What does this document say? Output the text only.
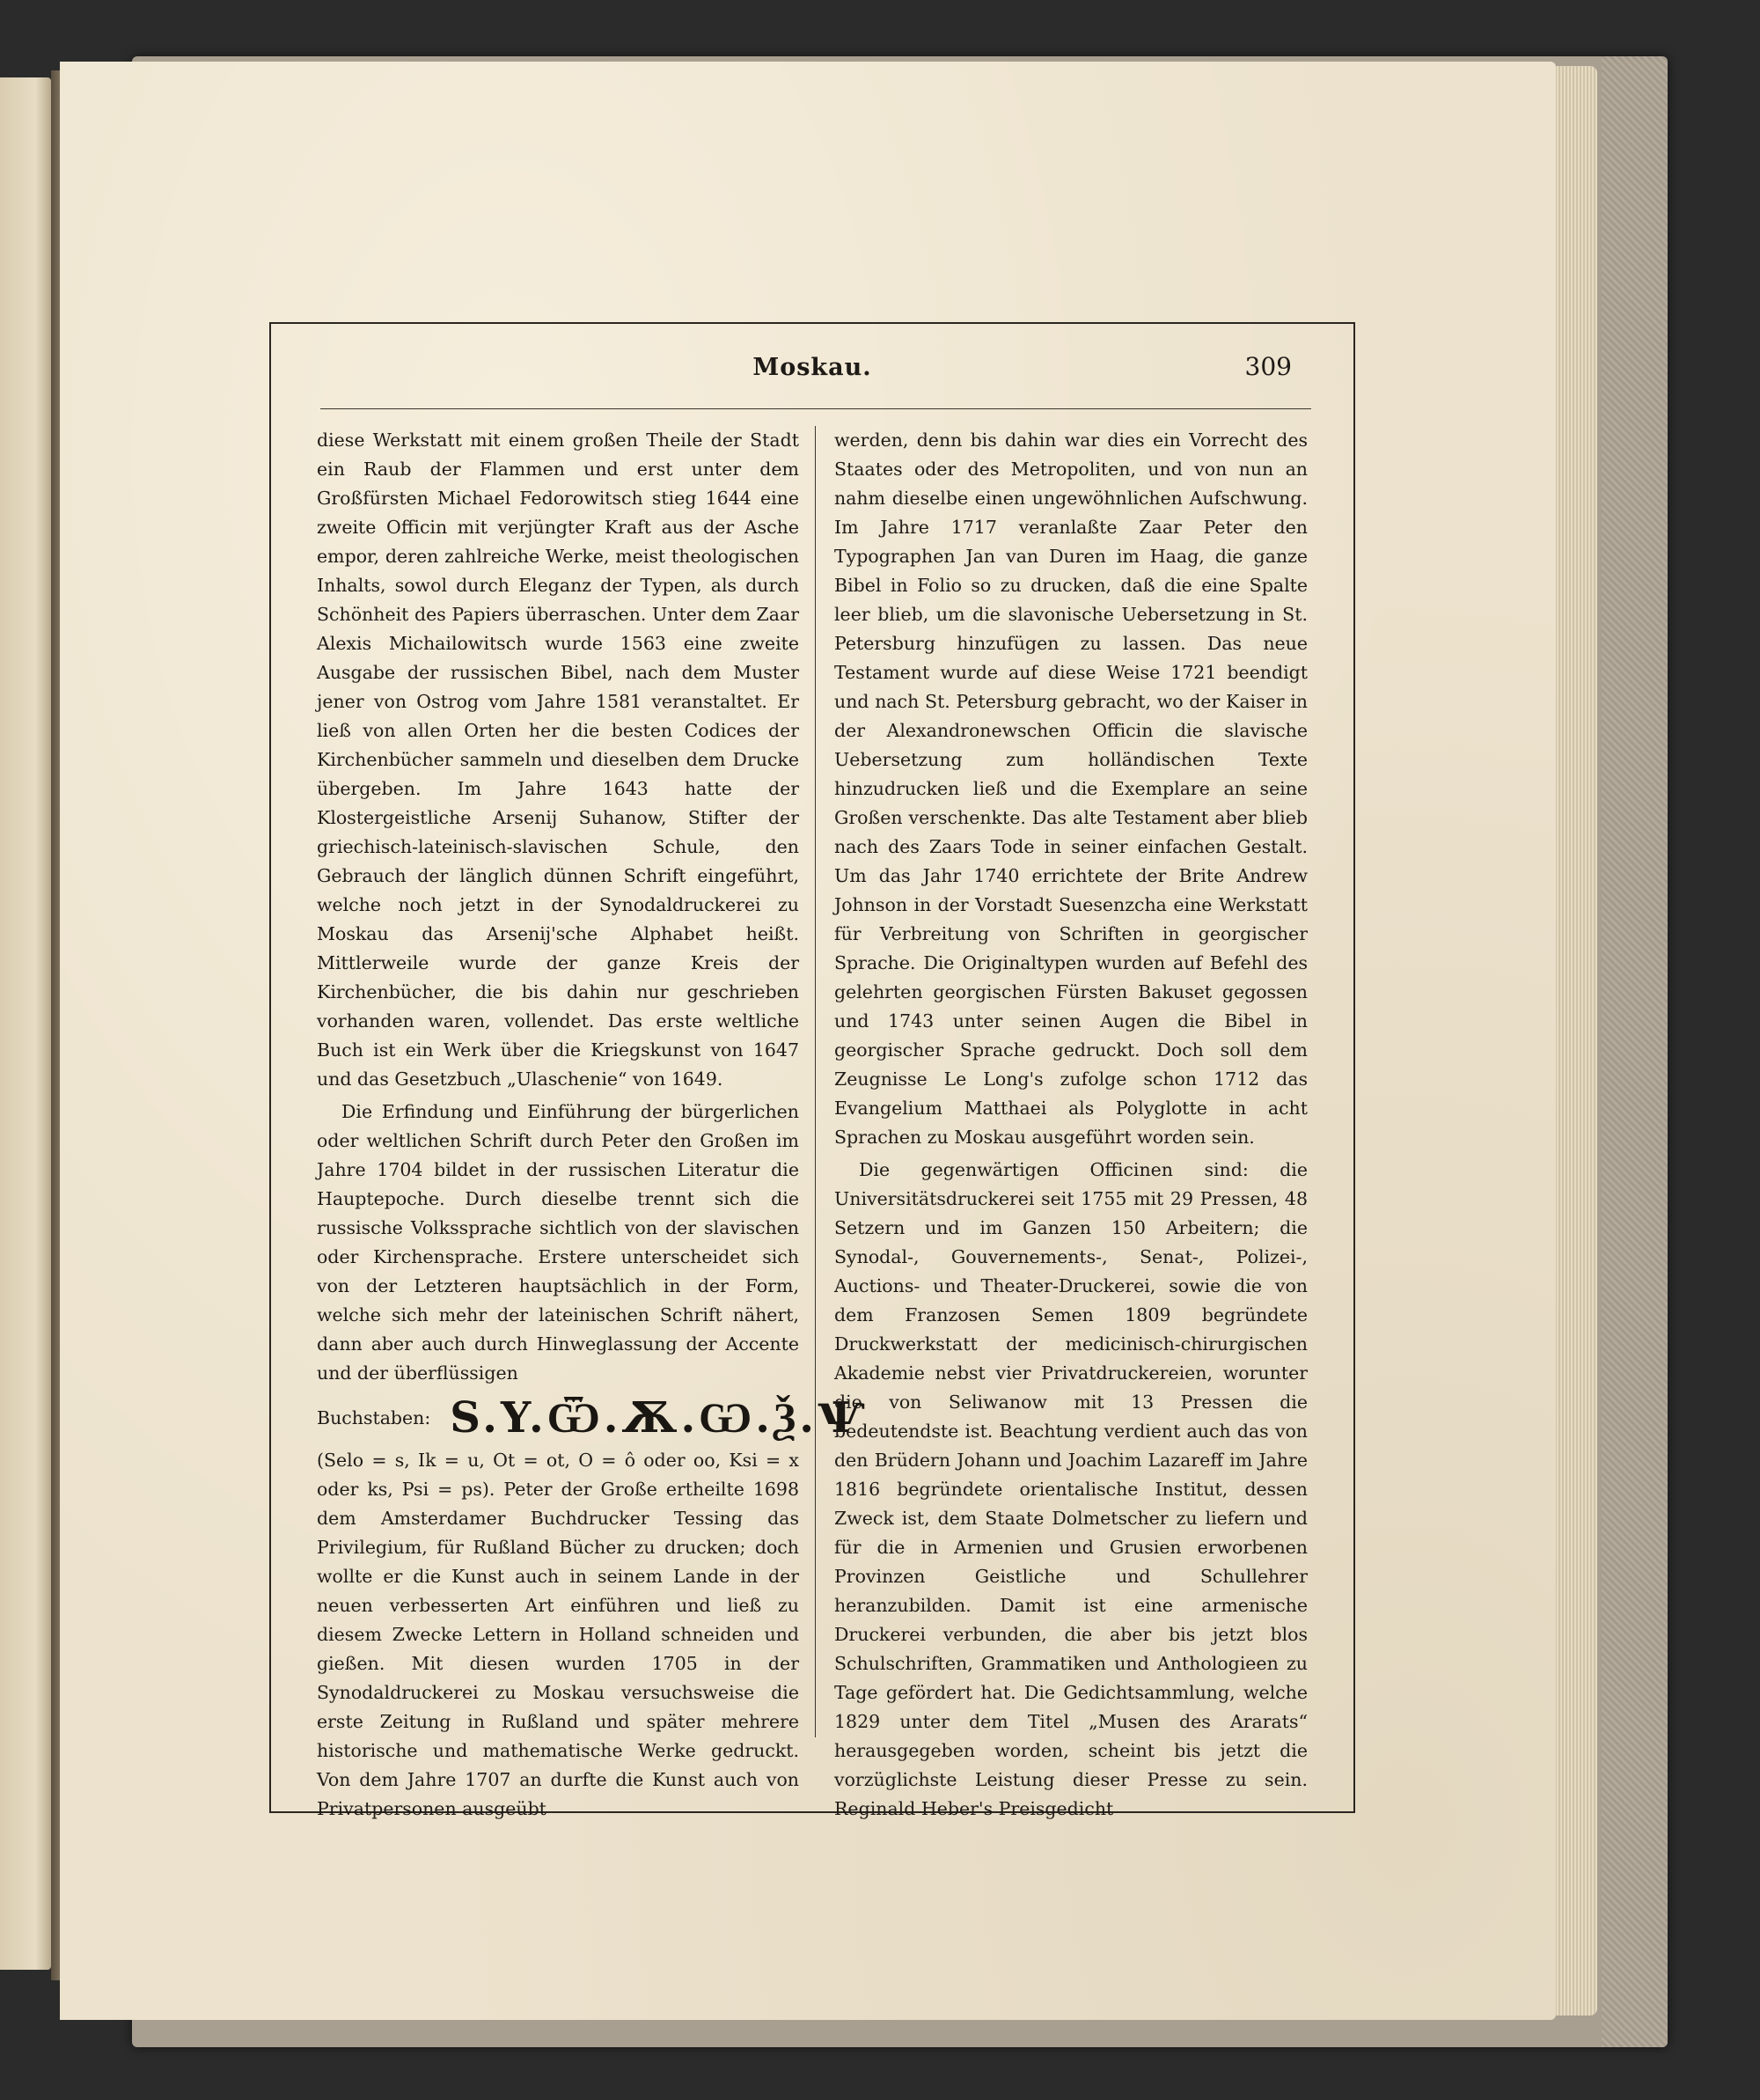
Moskau.	309

diese Werkstatt mit einem großen Theile der Stadt ein Raub der Flammen und erst unter dem Großfürsten Michael Fedorowitsch stieg 1644 eine zweite Officin mit verjüngter Kraft aus der Asche empor, deren zahlreiche Werke, meist theologischen Inhalts, sowol durch Eleganz der Typen, als durch Schönheit des Papiers überraschen. Unter dem Zaar Alexis Michailowitsch wurde 1563 eine zweite Ausgabe der russischen Bibel, nach dem Muster jener von Ostrog vom Jahre 1581 veranstaltet. Er ließ von allen Orten her die besten Codices der Kirchenbücher sammeln und dieselben dem Drucke übergeben. Im Jahre 1643 hatte der Klostergeistliche Arsenij Suhanow, Stifter der griechisch-lateinisch-slavischen Schule, den Gebrauch der länglich dünnen Schrift eingeführt, welche noch jetzt in der Synodaldruckerei zu Moskau das Arsenij'sche Alphabet heißt. Mittlerweile wurde der ganze Kreis der Kirchenbücher, die bis dahin nur geschrieben vorhanden waren, vollendet. Das erste weltliche Buch ist ein Werk über die Kriegskunst von 1647 und das Gesetzbuch „Ulaschenie“ von 1649.

Die Erfindung und Einführung der bürgerlichen oder weltlichen Schrift durch Peter den Großen im Jahre 1704 bildet in der russischen Literatur die Hauptepoche. Durch dieselbe trennt sich die russische Volkssprache sichtlich von der slavischen oder Kirchensprache. Erstere unterscheidet sich von der Letzteren hauptsächlich in der Form, welche sich mehr der lateinischen Schrift nähert, dann aber auch durch Hinweglassung der Accente und der überflüssigen

Buchstaben: S.Y.Ѿ.Ѫ.Ѡ.Ѯ.Ѱ

(Selo = s, Ik = u, Ot = ot, O = ô oder oo, Ksi = x oder ks, Psi = ps). Peter der Große ertheilte 1698 dem Amsterdamer Buchdrucker Tessing das Privilegium, für Rußland Bücher zu drucken; doch wollte er die Kunst auch in seinem Lande in der neuen verbesserten Art einführen und ließ zu diesem Zwecke Lettern in Holland schneiden und gießen. Mit diesen wurden 1705 in der Synodaldruckerei zu Moskau versuchsweise die erste Zeitung in Rußland und später mehrere historische und mathematische Werke gedruckt. Von dem Jahre 1707 an durfte die Kunst auch von Privatpersonen ausgeübt

werden, denn bis dahin war dies ein Vorrecht des Staates oder des Metropoliten, und von nun an nahm dieselbe einen ungewöhnlichen Aufschwung. Im Jahre 1717 veranlaßte Zaar Peter den Typographen Jan van Duren im Haag, die ganze Bibel in Folio so zu drucken, daß die eine Spalte leer blieb, um die slavonische Uebersetzung in St. Petersburg hinzufügen zu lassen. Das neue Testament wurde auf diese Weise 1721 beendigt und nach St. Petersburg gebracht, wo der Kaiser in der Alexandronewschen Officin die slavische Uebersetzung zum holländischen Texte hinzudrucken ließ und die Exemplare an seine Großen verschenkte. Das alte Testament aber blieb nach des Zaars Tode in seiner einfachen Gestalt. Um das Jahr 1740 errichtete der Brite Andrew Johnson in der Vorstadt Suesenzcha eine Werkstatt für Verbreitung von Schriften in georgischer Sprache. Die Originaltypen wurden auf Befehl des gelehrten georgischen Fürsten Bakuset gegossen und 1743 unter seinen Augen die Bibel in georgischer Sprache gedruckt. Doch soll dem Zeugnisse Le Long's zufolge schon 1712 das Evangelium Matthaei als Polyglotte in acht Sprachen zu Moskau ausgeführt worden sein.

Die gegenwärtigen Officinen sind: die Universitätsdruckerei seit 1755 mit 29 Pressen, 48 Setzern und im Ganzen 150 Arbeitern; die Synodal-, Gouvernements-, Senat-, Polizei-, Auctions- und Theater-Druckerei, sowie die von dem Franzosen Semen 1809 begründete Druckwerkstatt der medicinisch-chirurgischen Akademie nebst vier Privatdruckereien, worunter die von Seliwanow mit 13 Pressen die bedeutendste ist. Beachtung verdient auch das von den Brüdern Johann und Joachim Lazareff im Jahre 1816 begründete orientalische Institut, dessen Zweck ist, dem Staate Dolmetscher zu liefern und für die in Armenien und Grusien erworbenen Provinzen Geistliche und Schullehrer heranzubilden. Damit ist eine armenische Druckerei verbunden, die aber bis jetzt blos Schulschriften, Grammatiken und Anthologieen zu Tage gefördert hat. Die Gedichtsammlung, welche 1829 unter dem Titel „Musen des Ararats“ herausgegeben worden, scheint bis jetzt die vorzüglichste Leistung dieser Presse zu sein. Reginald Heber's Preisgedicht
